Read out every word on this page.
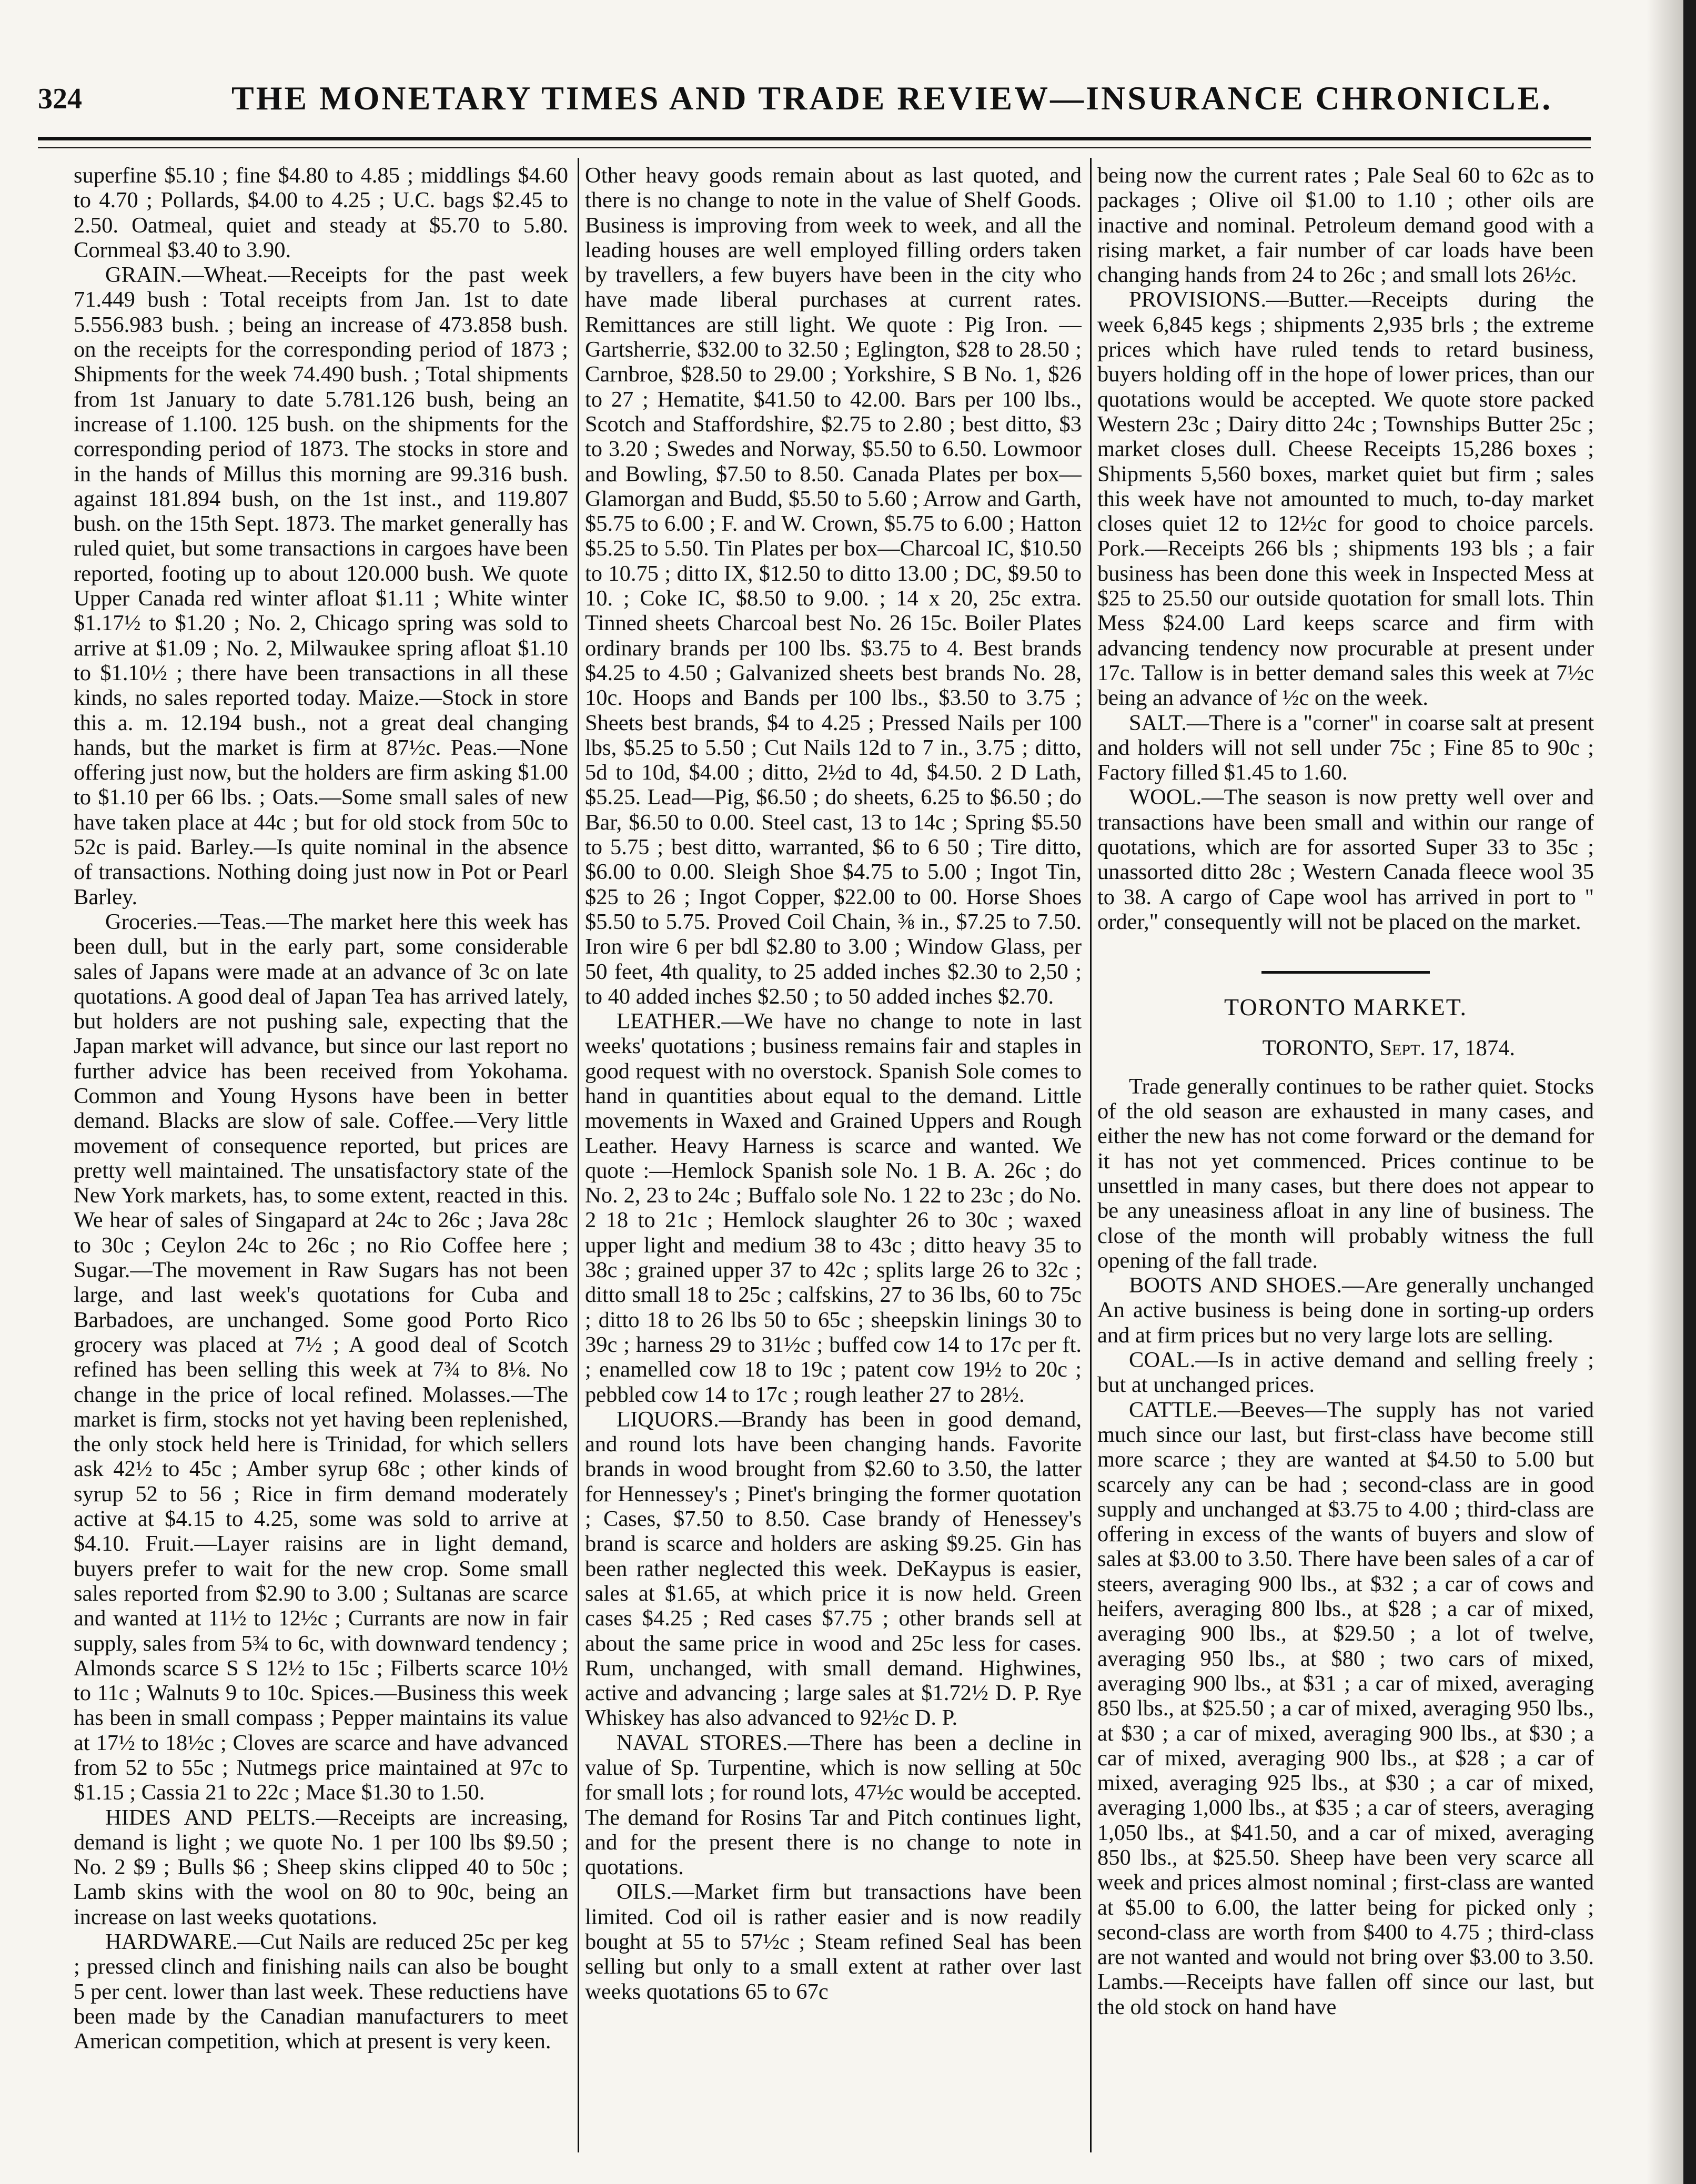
324	THE MONETARY TIMES AND TRADE REVIEW—INSURANCE CHRONICLE.

superfine $5.10 ; fine $4.80 to 4.85 ; middlings $4.60 to 4.70 ; Pollards, $4.00 to 4.25 ; U.C. bags $2.45 to 2.50. Oatmeal, quiet and steady at $5.70 to 5.80. Cornmeal $3.40 to 3.90.

GRAIN.—Wheat.—Receipts for the past week 71.449 bush : Total receipts from Jan. 1st to date 5.556.983 bush. ; being an increase of 473.858 bush. on the receipts for the corresponding period of 1873 ; Shipments for the week 74.490 bush. ; Total shipments from 1st January to date 5.781.126 bush, being an increase of 1.100. 125 bush. on the shipments for the corresponding period of 1873. The stocks in store and in the hands of Millus this morning are 99.316 bush. against 181.894 bush, on the 1st inst., and 119.807 bush. on the 15th Sept. 1873. The market generally has ruled quiet, but some transactions in cargoes have been reported, footing up to about 120.000 bush. We quote Upper Canada red winter afloat $1.11 ; White winter $1.17½ to $1.20 ; No. 2, Chicago spring was sold to arrive at $1.09 ; No. 2, Milwaukee spring afloat $1.10 to $1.10½ ; there have been transactions in all these kinds, no sales reported today. Maize.—Stock in store this a. m. 12.194 bush., not a great deal changing hands, but the market is firm at 87½c. Peas.—None offering just now, but the holders are firm asking $1.00 to $1.10 per 66 lbs. ; Oats.—Some small sales of new have taken place at 44c ; but for old stock from 50c to 52c is paid. Barley.—Is quite nominal in the absence of transactions. Nothing doing just now in Pot or Pearl Barley.

Groceries.—Teas.—The market here this week has been dull, but in the early part, some considerable sales of Japans were made at an advance of 3c on late quotations. A good deal of Japan Tea has arrived lately, but holders are not pushing sale, expecting that the Japan market will advance, but since our last report no further advice has been received from Yokohama. Common and Young Hysons have been in better demand. Blacks are slow of sale. Coffee.—Very little movement of consequence reported, but prices are pretty well maintained. The unsatisfactory state of the New York markets, has, to some extent, reacted in this. We hear of sales of Singapard at 24c to 26c ; Java 28c to 30c ; Ceylon 24c to 26c ; no Rio Coffee here ; Sugar.—The movement in Raw Sugars has not been large, and last week's quotations for Cuba and Barbadoes, are unchanged. Some good Porto Rico grocery was placed at 7½ ; A good deal of Scotch refined has been selling this week at 7¾ to 8⅛. No change in the price of local refined. Molasses.—The market is firm, stocks not yet having been replenished, the only stock held here is Trinidad, for which sellers ask 42½ to 45c ; Amber syrup 68c ; other kinds of syrup 52 to 56 ; Rice in firm demand moderately active at $4.15 to 4.25, some was sold to arrive at $4.10. Fruit.—Layer raisins are in light demand, buyers prefer to wait for the new crop. Some small sales reported from $2.90 to 3.00 ; Sultanas are scarce and wanted at 11½ to 12½c ; Currants are now in fair supply, sales from 5¾ to 6c, with downward tendency ; Almonds scarce S S 12½ to 15c ; Filberts scarce 10½ to 11c ; Walnuts 9 to 10c. Spices.—Business this week has been in small compass ; Pepper maintains its value at 17½ to 18½c ; Cloves are scarce and have advanced from 52 to 55c ; Nutmegs price maintained at 97c to $1.15 ; Cassia 21 to 22c ; Mace $1.30 to 1.50.

HIDES AND PELTS.—Receipts are increasing, demand is light ; we quote No. 1 per 100 lbs $9.50 ; No. 2 $9 ; Bulls $6 ; Sheep skins clipped 40 to 50c ; Lamb skins with the wool on 80 to 90c, being an increase on last weeks quotations.

HARDWARE.—Cut Nails are reduced 25c per keg ; pressed clinch and finishing nails can also be bought 5 per cent. lower than last week. These reductiens have been made by the Canadian manufacturers to meet American competition, which at present is very keen.

Other heavy goods remain about as last quoted, and there is no change to note in the value of Shelf Goods. Business is improving from week to week, and all the leading houses are well employed filling orders taken by travellers, a few buyers have been in the city who have made liberal purchases at current rates. Remittances are still light. We quote : Pig Iron. — Gartsherrie, $32.00 to 32.50 ; Eglington, $28 to 28.50 ; Carnbroe, $28.50 to 29.00 ; Yorkshire, S B No. 1, $26 to 27 ; Hematite, $41.50 to 42.00. Bars per 100 lbs., Scotch and Staffordshire, $2.75 to 2.80 ; best ditto, $3 to 3.20 ; Swedes and Norway, $5.50 to 6.50. Lowmoor and Bowling, $7.50 to 8.50. Canada Plates per box—Glamorgan and Budd, $5.50 to 5.60 ; Arrow and Garth, $5.75 to 6.00 ; F. and W. Crown, $5.75 to 6.00 ; Hatton $5.25 to 5.50. Tin Plates per box—Charcoal IC, $10.50 to 10.75 ; ditto IX, $12.50 to ditto 13.00 ; DC, $9.50 to 10. ; Coke IC, $8.50 to 9.00. ; 14 x 20, 25c extra. Tinned sheets Charcoal best No. 26 15c. Boiler Plates ordinary brands per 100 lbs. $3.75 to 4. Best brands $4.25 to 4.50 ; Galvanized sheets best brands No. 28, 10c. Hoops and Bands per 100 lbs., $3.50 to 3.75 ; Sheets best brands, $4 to 4.25 ; Pressed Nails per 100 lbs, $5.25 to 5.50 ; Cut Nails 12d to 7 in., 3.75 ; ditto, 5d to 10d, $4.00 ; ditto, 2½d to 4d, $4.50. 2 D Lath, $5.25. Lead—Pig, $6.50 ; do sheets, 6.25 to $6.50 ; do Bar, $6.50 to 0.00. Steel cast, 13 to 14c ; Spring $5.50 to 5.75 ; best ditto, warranted, $6 to 6 50 ; Tire ditto, $6.00 to 0.00. Sleigh Shoe $4.75 to 5.00 ; Ingot Tin, $25 to 26 ; Ingot Copper, $22.00 to 00. Horse Shoes $5.50 to 5.75. Proved Coil Chain, ⅜ in., $7.25 to 7.50. Iron wire 6 per bdl $2.80 to 3.00 ; Window Glass, per 50 feet, 4th quality, to 25 added inches $2.30 to 2,50 ; to 40 added inches $2.50 ; to 50 added inches $2.70.

LEATHER.—We have no change to note in last weeks' quotations ; business remains fair and staples in good request with no overstock. Spanish Sole comes to hand in quantities about equal to the demand. Little movements in Waxed and Grained Uppers and Rough Leather. Heavy Harness is scarce and wanted. We quote :—Hemlock Spanish sole No. 1 B. A. 26c ; do No. 2, 23 to 24c ; Buffalo sole No. 1 22 to 23c ; do No. 2 18 to 21c ; Hemlock slaughter 26 to 30c ; waxed upper light and medium 38 to 43c ; ditto heavy 35 to 38c ; grained upper 37 to 42c ; splits large 26 to 32c ; ditto small 18 to 25c ; calfskins, 27 to 36 lbs, 60 to 75c ; ditto 18 to 26 lbs 50 to 65c ; sheepskin linings 30 to 39c ; harness 29 to 31½c ; buffed cow 14 to 17c per ft. ; enamelled cow 18 to 19c ; patent cow 19½ to 20c ; pebbled cow 14 to 17c ; rough leather 27 to 28½.

LIQUORS.—Brandy has been in good demand, and round lots have been changing hands. Favorite brands in wood brought from $2.60 to 3.50, the latter for Hennessey's ; Pinet's bringing the former quotation ; Cases, $7.50 to 8.50. Case brandy of Henessey's brand is scarce and holders are asking $9.25. Gin has been rather neglected this week. DeKaypus is easier, sales at $1.65, at which price it is now held. Green cases $4.25 ; Red cases $7.75 ; other brands sell at about the same price in wood and 25c less for cases. Rum, unchanged, with small demand. Highwines, active and advancing ; large sales at $1.72½ D. P. Rye Whiskey has also advanced to 92½c D. P.

NAVAL STORES.—There has been a decline in value of Sp. Turpentine, which is now selling at 50c for small lots ; for round lots, 47½c would be accepted. The demand for Rosins Tar and Pitch continues light, and for the present there is no change to note in quotations.

OILS.—Market firm but transactions have been limited. Cod oil is rather easier and is now readily bought at 55 to 57½c ; Steam refined Seal has been selling but only to a small extent at rather over last weeks quotations 65 to 67c

being now the current rates ; Pale Seal 60 to 62c as to packages ; Olive oil $1.00 to 1.10 ; other oils are inactive and nominal. Petroleum demand good with a rising market, a fair number of car loads have been changing hands from 24 to 26c ; and small lots 26½c.

PROVISIONS.—Butter.—Receipts during the week 6,845 kegs ; shipments 2,935 brls ; the extreme prices which have ruled tends to retard business, buyers holding off in the hope of lower prices, than our quotations would be accepted. We quote store packed Western 23c ; Dairy ditto 24c ; Townships Butter 25c ; market closes dull. Cheese Receipts 15,286 boxes ; Shipments 5,560 boxes, market quiet but firm ; sales this week have not amounted to much, to-day market closes quiet 12 to 12½c for good to choice parcels. Pork.—Receipts 266 bls ; shipments 193 bls ; a fair business has been done this week in Inspected Mess at $25 to 25.50 our outside quotation for small lots. Thin Mess $24.00 Lard keeps scarce and firm with advancing tendency now procurable at present under 17c. Tallow is in better demand sales this week at 7½c being an advance of ½c on the week.

SALT.—There is a "corner" in coarse salt at present and holders will not sell under 75c ; Fine 85 to 90c ; Factory filled $1.45 to 1.60.

WOOL.—The season is now pretty well over and transactions have been small and within our range of quotations, which are for assorted Super 33 to 35c ; unassorted ditto 28c ; Western Canada fleece wool 35 to 38. A cargo of Cape wool has arrived in port to " order," consequently will not be placed on the market.

TORONTO MARKET.
TORONTO, Sept. 17, 1874.

Trade generally continues to be rather quiet. Stocks of the old season are exhausted in many cases, and either the new has not come forward or the demand for it has not yet commenced. Prices continue to be unsettled in many cases, but there does not appear to be any uneasiness afloat in any line of business. The close of the month will probably witness the full opening of the fall trade.

BOOTS AND SHOES.—Are generally unchanged An active business is being done in sorting-up orders and at firm prices but no very large lots are selling.

COAL.—Is in active demand and selling freely ; but at unchanged prices.

CATTLE.—Beeves—The supply has not varied much since our last, but first-class have become still more scarce ; they are wanted at $4.50 to 5.00 but scarcely any can be had ; second-class are in good supply and unchanged at $3.75 to 4.00 ; third-class are offering in excess of the wants of buyers and slow of sales at $3.00 to 3.50. There have been sales of a car of steers, averaging 900 lbs., at $32 ; a car of cows and heifers, averaging 800 lbs., at $28 ; a car of mixed, averaging 900 lbs., at $29.50 ; a lot of twelve, averaging 950 lbs., at $80 ; two cars of mixed, averaging 900 lbs., at $31 ; a car of mixed, averaging 850 lbs., at $25.50 ; a car of mixed, averaging 950 lbs., at $30 ; a car of mixed, averaging 900 lbs., at $30 ; a car of mixed, averaging 900 lbs., at $28 ; a car of mixed, averaging 925 lbs., at $30 ; a car of mixed, averaging 1,000 lbs., at $35 ; a car of steers, averaging 1,050 lbs., at $41.50, and a car of mixed, averaging 850 lbs., at $25.50. Sheep have been very scarce all week and prices almost nominal ; first-class are wanted at $5.00 to 6.00, the latter being for picked only ; second-class are worth from $400 to 4.75 ; third-class are not wanted and would not bring over $3.00 to 3.50. Lambs.—Receipts have fallen off since our last, but the old stock on hand have
